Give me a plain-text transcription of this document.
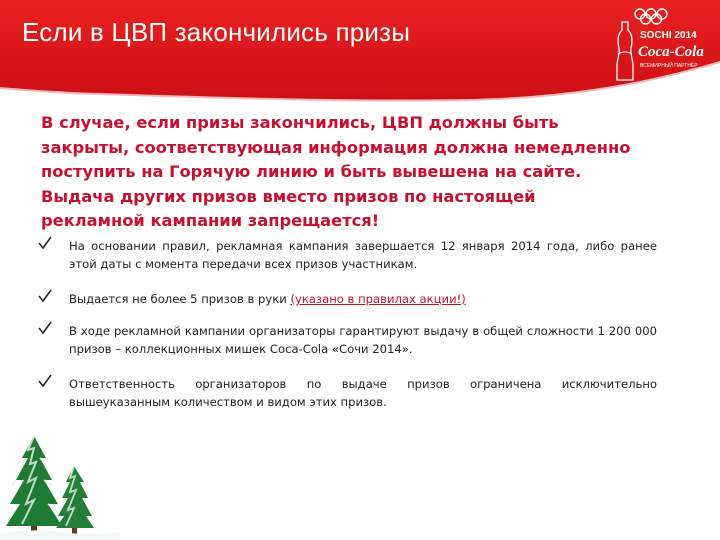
Если в ЦВП закончились призы	SOCHI 2014
Coca-Cola
ВСЕМИРНЫЙ ПАРТНЁР
В случае, если призы закончились, ЦВП должны быть закрыты, соответствующая информация должна немедленно поступить на Горячую линию и быть вывешена на сайте. Выдача других призов вместо призов по настоящей рекламной кампании запрещается!
На основании правил, рекламная кампания завершается 12 января 2014 года, либо ранее этой даты с момента передачи всех призов участникам.
Выдается не более 5 призов в руки (указано в правилах акции!)
В ходе рекламной кампании организаторы гарантируют выдачу в общей сложности 1 200 000 призов – коллекционных мишек Coca-Cola «Сочи 2014».
Ответственность организаторов по выдаче призов ограничена исключительно вышеуказанным количеством и видом этих призов.
